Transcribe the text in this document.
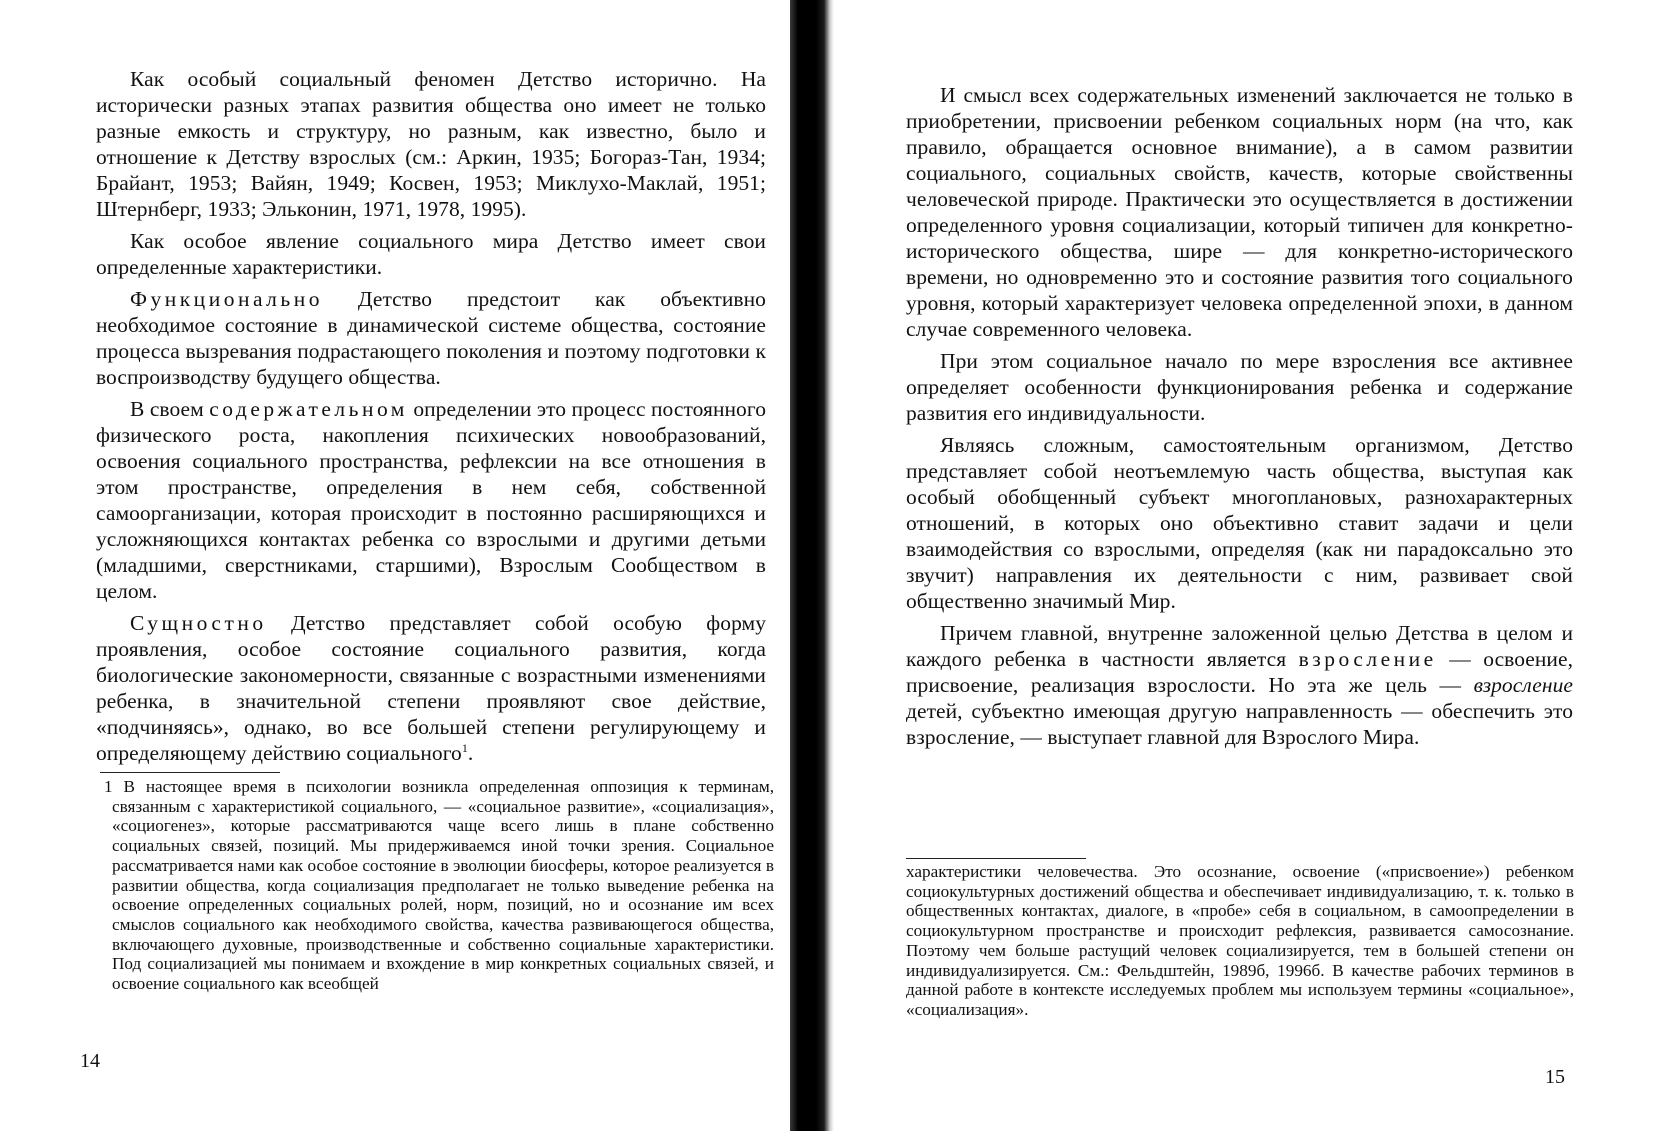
Как особый социальный феномен Детство исторично. На исторически разных этапах развития общества оно имеет не только разные емкость и структуру, но разным, как известно, было и отношение к Детству взрослых (см.: Аркин, 1935; Богораз-Тан, 1934; Брайант, 1953; Вайян, 1949; Косвен, 1953; Миклухо-Маклай, 1951; Штернберг, 1933; Эльконин, 1971, 1978, 1995).

Как особое явление социального мира Детство имеет свои определенные характеристики.

Функционально Детство предстоит как объективно необходимое состояние в динамической системе общества, состояние процесса вызревания подрастающего поколения и поэтому подготовки к воспроизводству будущего общества.

В своем содержательном определении это процесс постоянного физического роста, накопления психических новообразований, освоения социального пространства, рефлексии на все отношения в этом пространстве, определения в нем себя, собственной самоорганизации, которая происходит в постоянно расширяющихся и усложняющихся контактах ребенка со взрослыми и другими детьми (младшими, сверстниками, старшими), Взрослым Сообществом в целом.

Сущностно Детство представляет собой особую форму проявления, особое состояние социального развития, когда биологические закономерности, связанные с возрастными изменениями ребенка, в значительной степени проявляют свое действие, «подчиняясь», однако, во все большей степени регулирующему и определяющему действию социального$^1$.

1 В настоящее время в психологии возникла определенная оппозиция к терминам, связанным с характеристикой социального, — «социальное развитие», «социализация», «социогенез», которые рассматриваются чаще всего лишь в плане собственно социальных связей, позиций. Мы придерживаемся иной точки зрения. Социальное рассматривается нами как особое состояние в эволюции биосферы, которое реализуется в развитии общества, когда социализация предполагает не только выведение ребенка на освоение определенных социальных ролей, норм, позиций, но и осознание им всех смыслов социального как необходимого свойства, качества развивающегося общества, включающего духовные, производственные и собственно социальные характеристики. Под социализацией мы понимаем и вхождение в мир конкретных социальных связей, и освоение социального как всеобщей

14

И смысл всех содержательных изменений заключается не только в приобретении, присвоении ребенком социальных норм (на что, как правило, обращается основное внимание), а в самом развитии социального, социальных свойств, качеств, которые свойственны человеческой природе. Практически это осуществляется в достижении определенного уровня социализации, который типичен для конкретно-исторического общества, шире — для конкретно-исторического времени, но одновременно это и состояние развития того социального уровня, который характеризует человека определенной эпохи, в данном случае современного человека.

При этом социальное начало по мере взросления все активнее определяет особенности функционирования ребенка и содержание развития его индивидуальности.

Являясь сложным, самостоятельным организмом, Детство представляет собой неотъемлемую часть общества, выступая как особый обобщенный субъект многоплановых, разнохарактерных отношений, в которых оно объективно ставит задачи и цели взаимодействия со взрослыми, определяя (как ни парадоксально это звучит) направления их деятельности с ним, развивает свой общественно значимый Мир.

Причем главной, внутренне заложенной целью Детства в целом и каждого ребенка в частности является взросление — освоение, присвоение, реализация взрослости. Но эта же цель — взросление детей, субъектно имеющая другую направленность — обеспечить это взросление, — выступает главной для Взрослого Мира.

характеристики человечества. Это осознание, освоение («присвоение») ребенком социокультурных достижений общества и обеспечивает индивидуализацию, т. к. только в общественных контактах, диалоге, в «пробе» себя в социальном, в самоопределении в социокультурном пространстве и происходит рефлексия, развивается самосознание. Поэтому чем больше растущий человек социализируется, тем в большей степени он индивидуализируется. См.: Фельдштейн, 1989б, 1996б. В качестве рабочих терминов в данной работе в контексте исследуемых проблем мы используем термины «социальное», «социализация».

15
